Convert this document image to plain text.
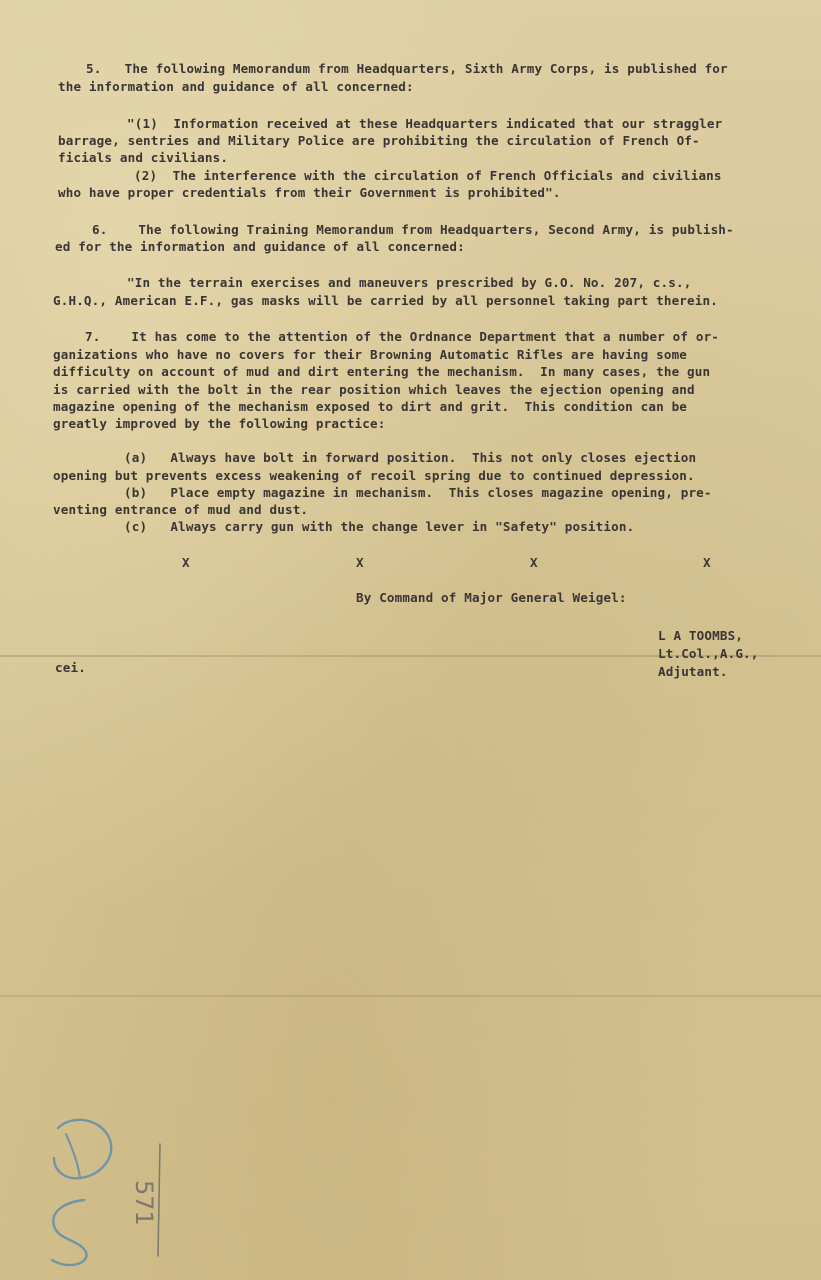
5.   The following Memorandum from Headquarters, Sixth Army Corps, is published for
the information and guidance of all concerned:
"(1)  Information received at these Headquarters indicated that our straggler
barrage, sentries and Military Police are prohibiting the circulation of French Of-
ficials and civilians.
(2)  The interference with the circulation of French Officials and civilians
who have proper credentials from their Government is prohibited".
6.    The following Training Memorandum from Headquarters, Second Army, is publish-
ed for the information and guidance of all concerned:
"In the terrain exercises and maneuvers prescribed by G.O. No. 207, c.s.,
G.H.Q., American E.F., gas masks will be carried by all personnel taking part therein.
7.    It has come to the attention of the Ordnance Department that a number of or-
ganizations who have no covers for their Browning Automatic Rifles are having some
difficulty on account of mud and dirt entering the mechanism.  In many cases, the gun
is carried with the bolt in the rear position which leaves the ejection opening and
magazine opening of the mechanism exposed to dirt and grit.  This condition can be
greatly improved by the following practice:
(a)   Always have bolt in forward position.  This not only closes ejection
opening but prevents excess weakening of recoil spring due to continued depression.
(b)   Place empty magazine in mechanism.  This closes magazine opening, pre-
venting entrance of mud and dust.
(c)   Always carry gun with the change lever in "Safety" position.
X	X	X	X
By Command of Major General Weigel:
L A TOOMBS,
Lt.Col.,A.G.,
Adjutant.
cei.
571
